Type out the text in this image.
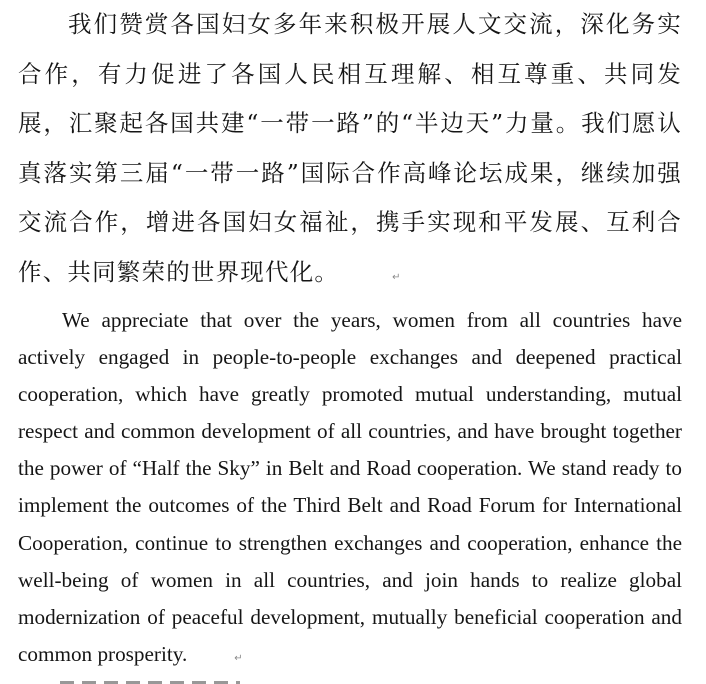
我们赞赏各国妇女多年来积极开展人文交流，深化务实合作，有力促进了各国人民相互理解、相互尊重、共同发展，汇聚起各国共建“一带一路”的“半边天”力量。我们愿认真落实第三届“一带一路”国际合作高峰论坛成果，继续加强交流合作，增进各国妇女福祉，携手实现和平发展、互利合作、共同繁荣的世界现代化。	↵

We appreciate that over the years, women from all countries have actively engaged in people-to-people exchanges and deepened practical cooperation, which have greatly promoted mutual understanding, mutual respect and common development of all countries, and have brought together the power of “Half the Sky” in Belt and Road cooperation. We stand ready to implement the outcomes of the Third Belt and Road Forum for International Cooperation, continue to strengthen exchanges and cooperation, enhance the well-being of women in all countries, and join hands to realize global modernization of peaceful development, mutually beneficial cooperation and common prosperity.	↵
